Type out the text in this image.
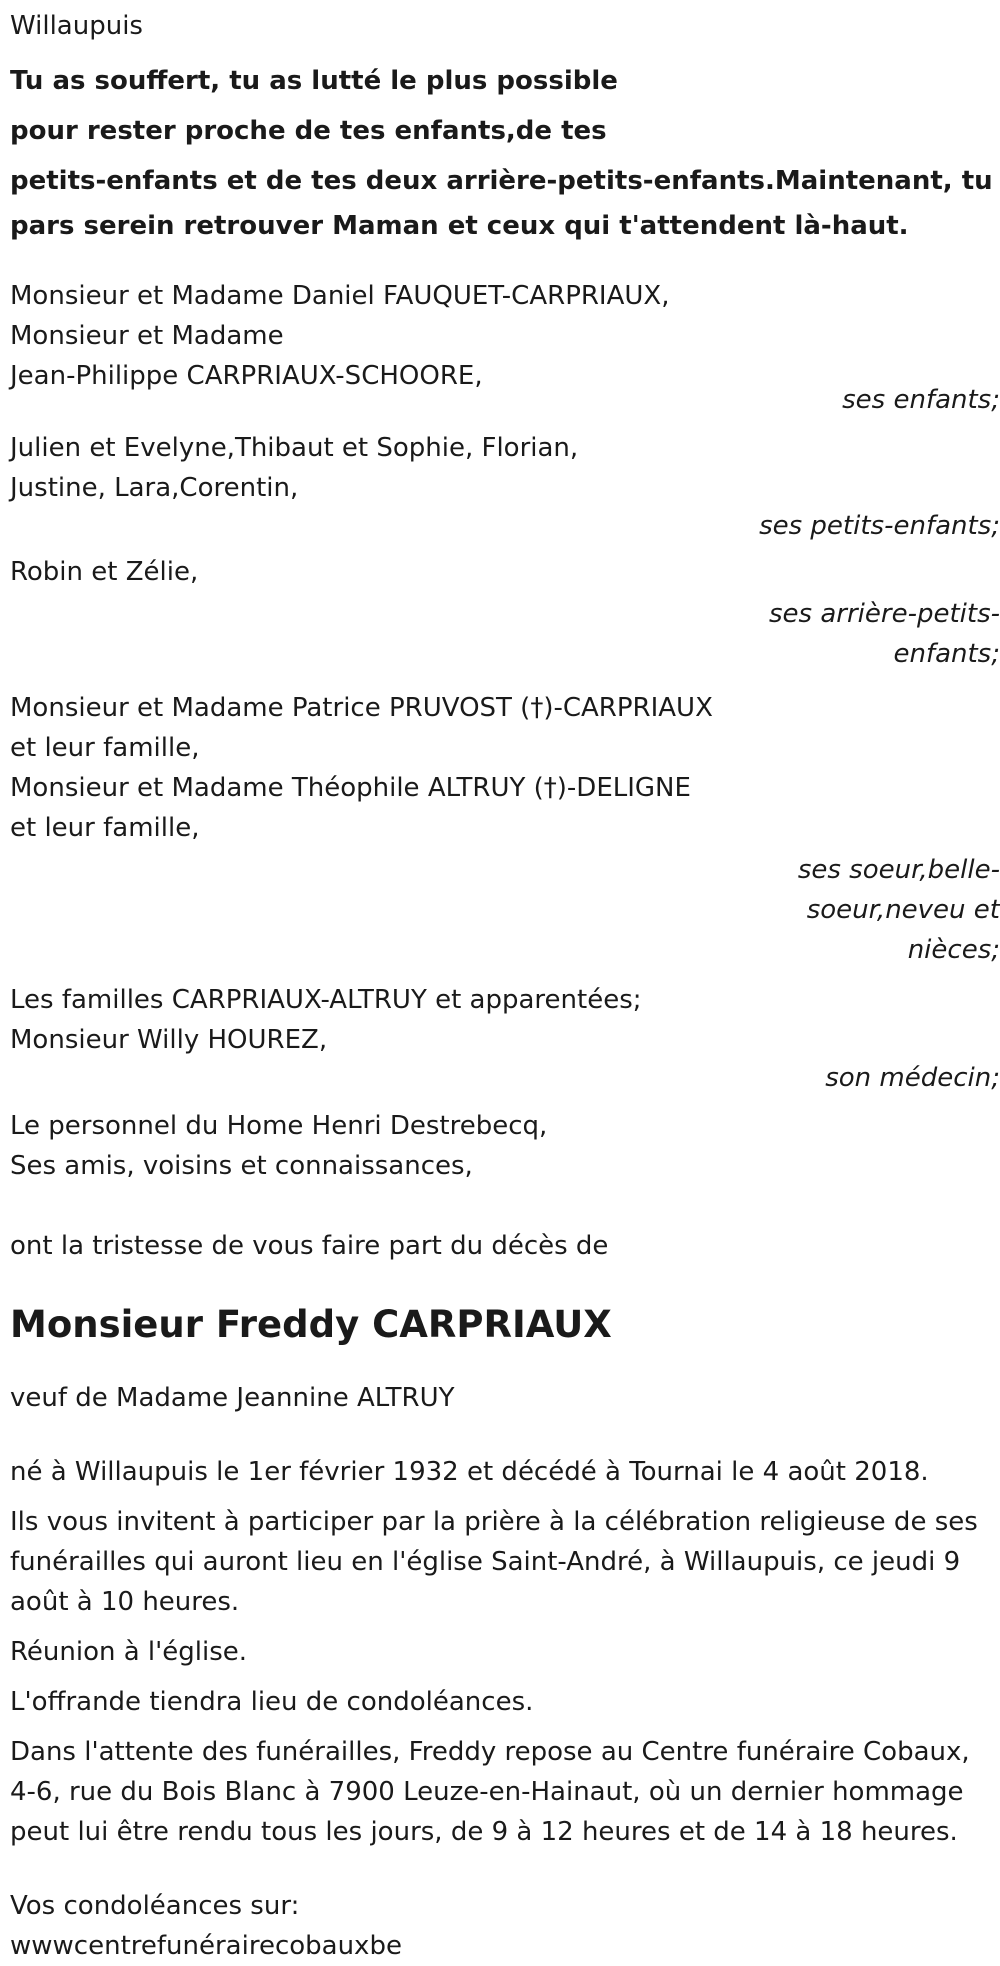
Willaupuis
Tu as souffert, tu as lutté le plus possible
pour rester proche de tes enfants,de tes
petits-enfants et de tes deux arrière-petits-enfants.Maintenant, tu
pars serein retrouver Maman et ceux qui t'attendent là-haut.
Monsieur et Madame Daniel FAUQUET-CARPRIAUX,
Monsieur et Madame
Jean-Philippe CARPRIAUX-SCHOORE,
ses enfants;
Julien et Evelyne,Thibaut et Sophie, Florian,
Justine, Lara,Corentin,
ses petits-enfants;
Robin et Zélie,
ses arrière-petits-enfants;
Monsieur et Madame Patrice PRUVOST (†)-CARPRIAUX
et leur famille,
Monsieur et Madame Théophile ALTRUY (†)-DELIGNE
et leur famille,
ses soeur,belle-soeur,neveu et nièces;
Les familles CARPRIAUX-ALTRUY et apparentées;
Monsieur Willy HOUREZ,
son médecin;
Le personnel du Home Henri Destrebecq,
Ses amis, voisins et connaissances,
ont la tristesse de vous faire part du décès de
Monsieur Freddy CARPRIAUX
veuf de Madame Jeannine ALTRUY
né à Willaupuis le 1er février 1932 et décédé à Tournai le 4 août 2018.
Ils vous invitent à participer par la prière à la célébration religieuse de ses funérailles qui auront lieu en l'église Saint-André, à Willaupuis, ce jeudi 9 août à 10 heures.
Réunion à l'église.
L'offrande tiendra lieu de condoléances.
Dans l'attente des funérailles, Freddy repose au Centre funéraire Cobaux, 4-6, rue du Bois Blanc à 7900 Leuze-en-Hainaut, où un dernier hommage peut lui être rendu tous les jours, de 9 à 12 heures et de 14 à 18 heures.
Vos condoléances sur:
wwwcentrefunérairecobauxbe
